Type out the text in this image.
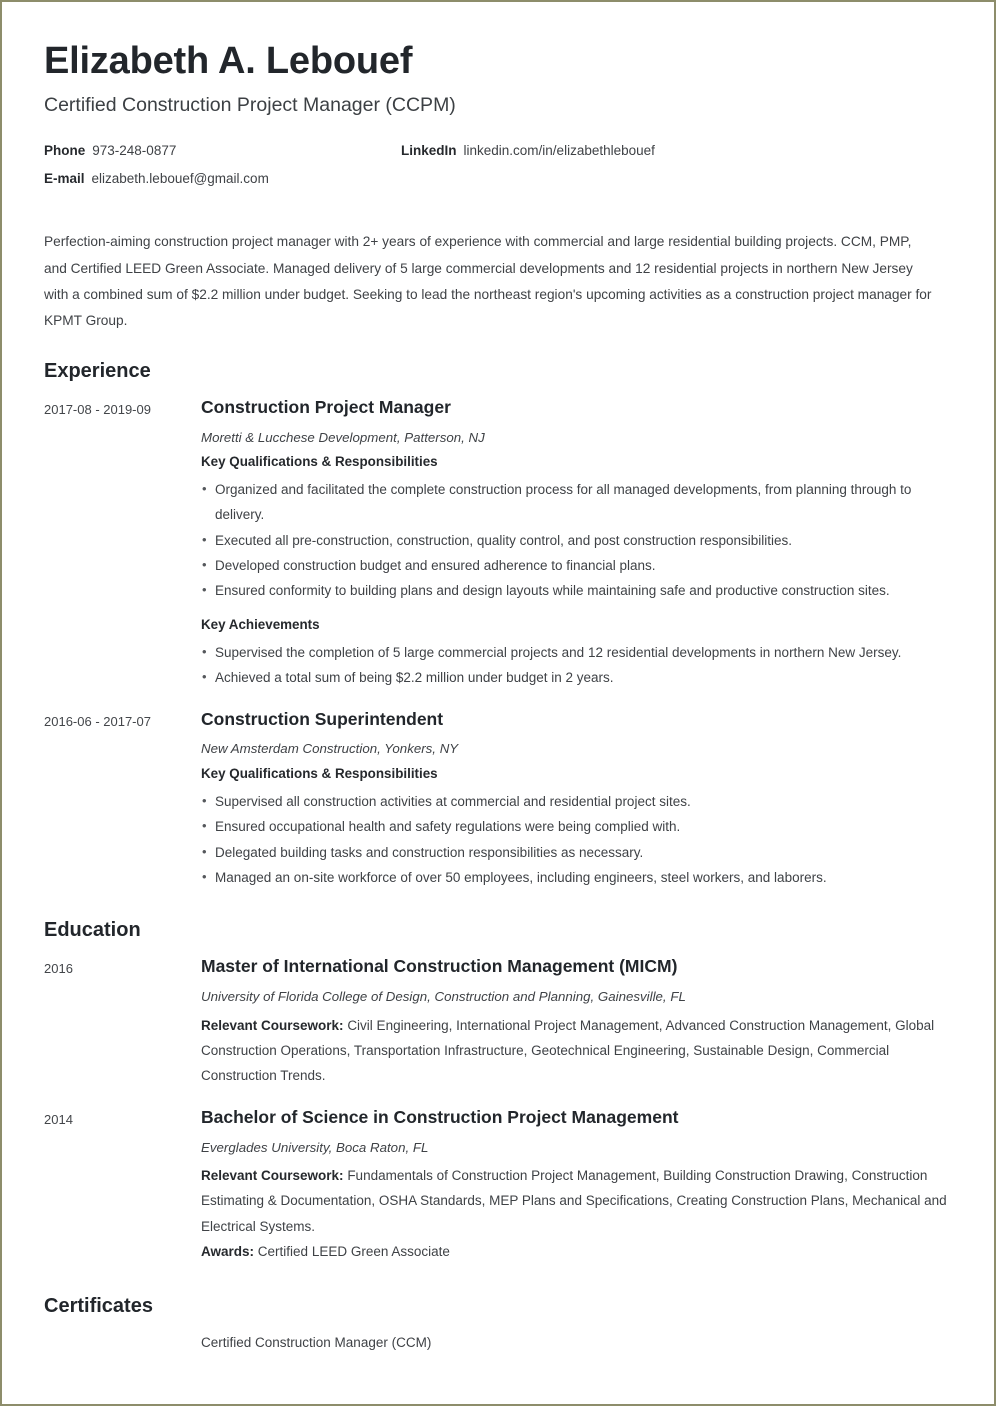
Elizabeth A. Lebouef
Certified Construction Project Manager (CCPM)
Phone 973-248-0877	LinkedIn linkedin.com/in/elizabethlebouef
E-mail elizabeth.lebouef@gmail.com	

Perfection-aiming construction project manager with 2+ years of experience with commercial and large residential building projects. CCM, PMP, and Certified LEED Green Associate. Managed delivery of 5 large commercial developments and 12 residential projects in northern New Jersey with a combined sum of $2.2 million under budget. Seeking to lead the northeast region's upcoming activities as a construction project manager for KPMT Group.

Experience
2017-08 - 2019-09	Construction Project Manager
Moretti & Lucchese Development, Patterson, NJ
Key Qualifications & Responsibilities
• Organized and facilitated the complete construction process for all managed developments, from planning through to delivery.
• Executed all pre-construction, construction, quality control, and post construction responsibilities.
• Developed construction budget and ensured adherence to financial plans.
• Ensured conformity to building plans and design layouts while maintaining safe and productive construction sites.
Key Achievements
• Supervised the completion of 5 large commercial projects and 12 residential developments in northern New Jersey.
• Achieved a total sum of being $2.2 million under budget in 2 years.
2016-06 - 2017-07	Construction Superintendent
New Amsterdam Construction, Yonkers, NY
Key Qualifications & Responsibilities
• Supervised all construction activities at commercial and residential project sites.
• Ensured occupational health and safety regulations were being complied with.
• Delegated building tasks and construction responsibilities as necessary.
• Managed an on-site workforce of over 50 employees, including engineers, steel workers, and laborers.
Education
2016	Master of International Construction Management (MICM)
University of Florida College of Design, Construction and Planning, Gainesville, FL

Relevant Coursework: Civil Engineering, International Project Management, Advanced Construction Management, Global Construction Operations, Transportation Infrastructure, Geotechnical Engineering, Sustainable Design, Commercial Construction Trends.

2014	Bachelor of Science in Construction Project Management
Everglades University, Boca Raton, FL

Relevant Coursework: Fundamentals of Construction Project Management, Building Construction Drawing, Construction Estimating & Documentation, OSHA Standards, MEP Plans and Specifications, Creating Construction Plans, Mechanical and Electrical Systems.

Awards: Certified LEED Green Associate

Certificates

Certified Construction Manager (CCM)
